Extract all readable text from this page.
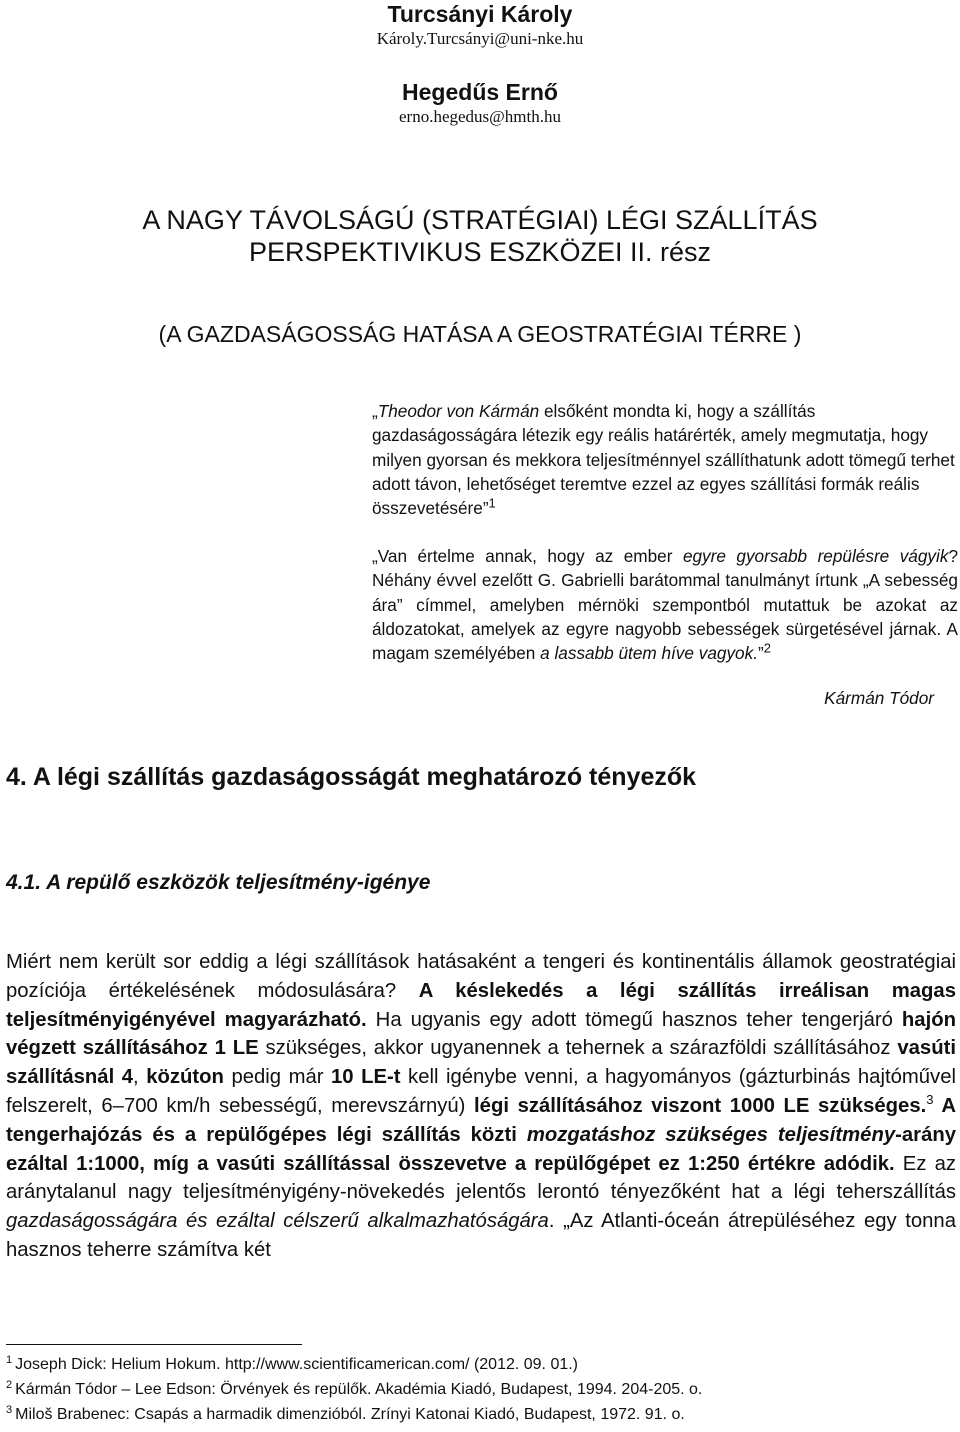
Turcsányi Károly
Károly.Turcsányi@uni-nke.hu
Hegedűs Ernő
erno.hegedus@hmth.hu
A NAGY TÁVOLSÁGÚ (STRATÉGIAI) LÉGI SZÁLLÍTÁS
PERSPEKTIVIKUS ESZKÖZEI II. rész
(A GAZDASÁGOSSÁG HATÁSA A GEOSTRATÉGIAI TÉRRE )
„Theodor von Kármán elsőként mondta ki, hogy a szállítás gazdaságosságára létezik egy reális határérték, amely megmutatja, hogy milyen gyorsan és mekkora teljesítménnyel szállíthatunk adott tömegű terhet adott távon, lehetőséget teremtve ezzel az egyes szállítási formák reális összevetésére”$^1$
„Van értelme annak, hogy az ember egyre gyorsabb repülésre vágyik? Néhány évvel ezelőtt G. Gabrielli barátommal tanulmányt írtunk „A sebesség ára” címmel, amelyben mérnöki szempontból mutattuk be azokat az áldozatokat, amelyek az egyre nagyobb sebességek sürgetésével járnak. A magam személyében a lassabb ütem híve vagyok.”$^2$
Kármán Tódor
4. A légi szállítás gazdaságosságát meghatározó tényezők
4.1. A repülő eszközök teljesítmény-igénye
Miért nem került sor eddig a légi szállítások hatásaként a tengeri és kontinentális államok geostratégiai pozíciója értékelésének módosulására? A késlekedés a légi szállítás irreálisan magas teljesítményigényével magyarázható. Ha ugyanis egy adott tömegű hasznos teher tengerjáró hajón végzett szállításához 1 LE szükséges, akkor ugyanennek a tehernek a szárazföldi szállításához vasúti szállításnál 4, közúton pedig már 10 LE-t kell igénybe venni, a hagyományos (gázturbinás hajtóművel felszerelt, 6–700 km/h sebességű, merevszárnyú) légi szállításához viszont 1000 LE szükséges.$^3$ A tengerhajózás és a repülőgépes légi szállítás közti mozgatáshoz szükséges teljesítmény-arány ezáltal 1:1000, míg a vasúti szállítással összevetve a repülőgépet ez 1:250 értékre adódik. Ez az aránytalanul nagy teljesítményigény-növekedés jelentős lerontó tényezőként hat a légi teherszállítás gazdaságosságára és ezáltal célszerű alkalmazhatóságára. „Az Atlanti-óceán átrepüléséhez egy tonna hasznos teherre számítva két
$^1$ Joseph Dick: Helium Hokum. http://www.scientificamerican.com/ (2012. 09. 01.)
$^2$ Kármán Tódor – Lee Edson: Örvények és repülők. Akadémia Kiadó, Budapest, 1994. 204-205. o.
$^3$ Miloš Brabenec: Csapás a harmadik dimenzióból. Zrínyi Katonai Kiadó, Budapest, 1972. 91. o.
